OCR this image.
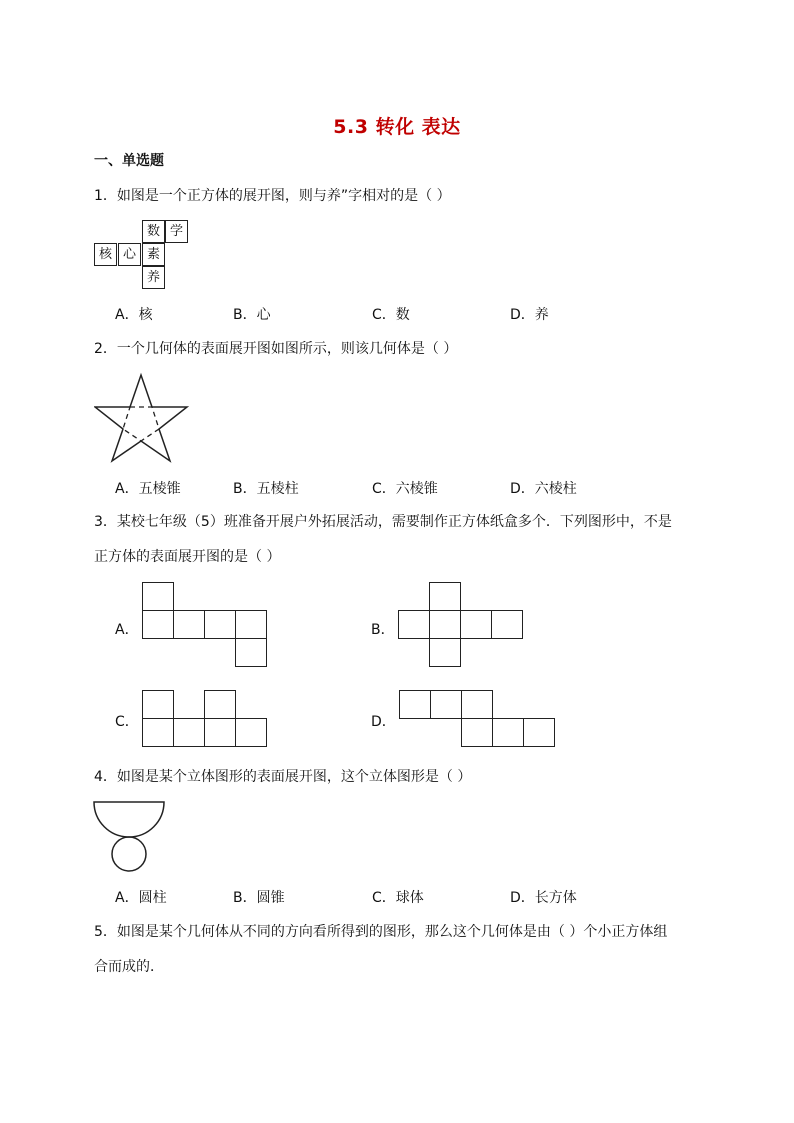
5.3 转化 表达
一、单选题
1．如图是一个正方体的展开图，则与养”字相对的是（ ）
数 学
核 心 素
养
A．核	B．心	C．数	D．养
2．一个几何体的表面展开图如图所示，则该几何体是（ ）
A．五棱锥	B．五棱柱	C．六棱锥	D．六棱柱
3．某校七年级（5）班准备开展户外拓展活动，需要制作正方体纸盒多个．下列图形中，不是
正方体的表面展开图的是（ ）
A．	B．
C．	D．
4．如图是某个立体图形的表面展开图，这个立体图形是（ ）
A．圆柱	B．圆锥	C．球体	D．长方体
5．如图是某个几何体从不同的方向看所得到的图形，那么这个几何体是由（ ）个小正方体组
合而成的．
